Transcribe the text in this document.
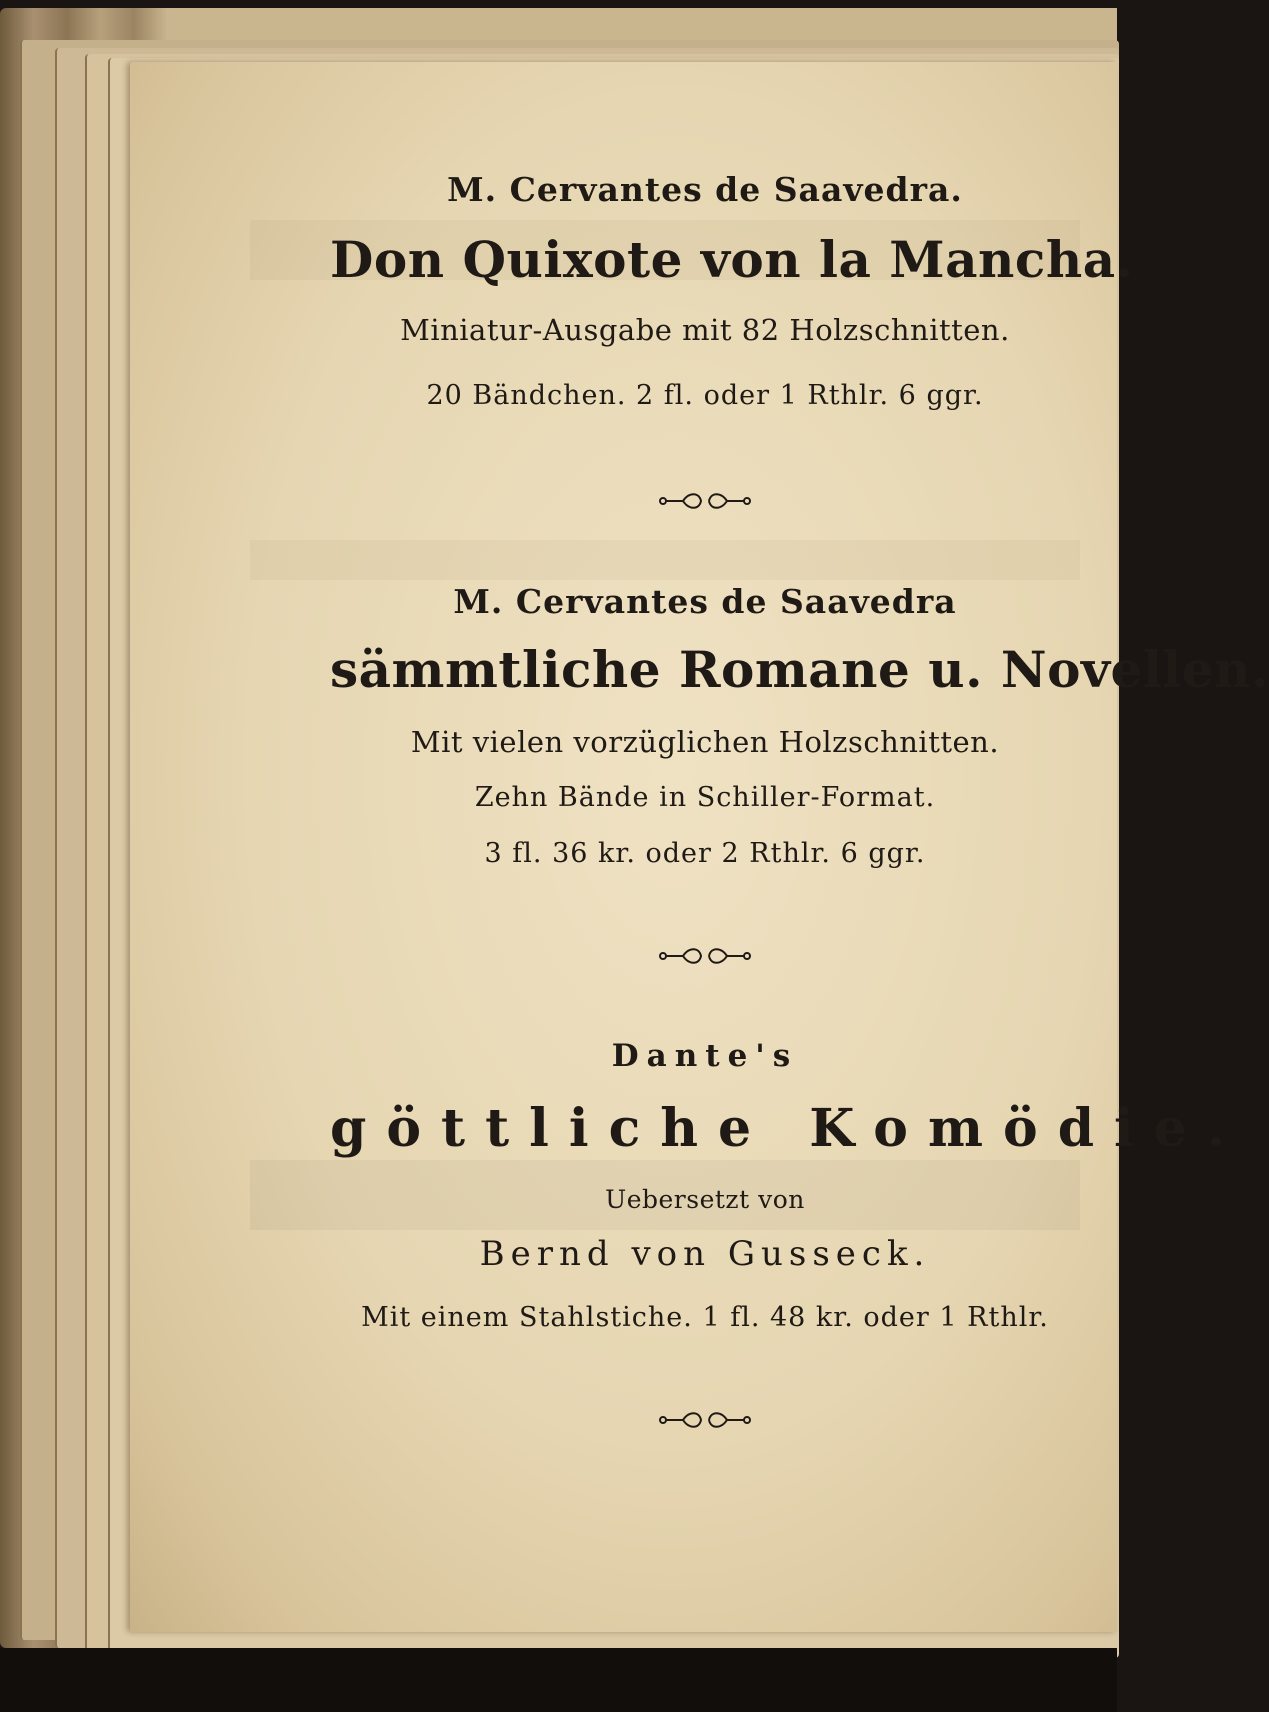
M. Cervantes de Saavedra.
Don Quixote von la Mancha.
Miniatur-Ausgabe mit 82 Holzschnitten.
20 Bändchen. 2 fl. oder 1 Rthlr. 6 ggr.
M. Cervantes de Saavedra
sämmtliche Romane u. Novellen.
Mit vielen vorzüglichen Holzschnitten.
Zehn Bände in Schiller-Format.
3 fl. 36 kr. oder 2 Rthlr. 6 ggr.
Dante's
göttliche Komödie.
Uebersetzt von
Bernd von Gusseck.
Mit einem Stahlstiche. 1 fl. 48 kr. oder 1 Rthlr.
